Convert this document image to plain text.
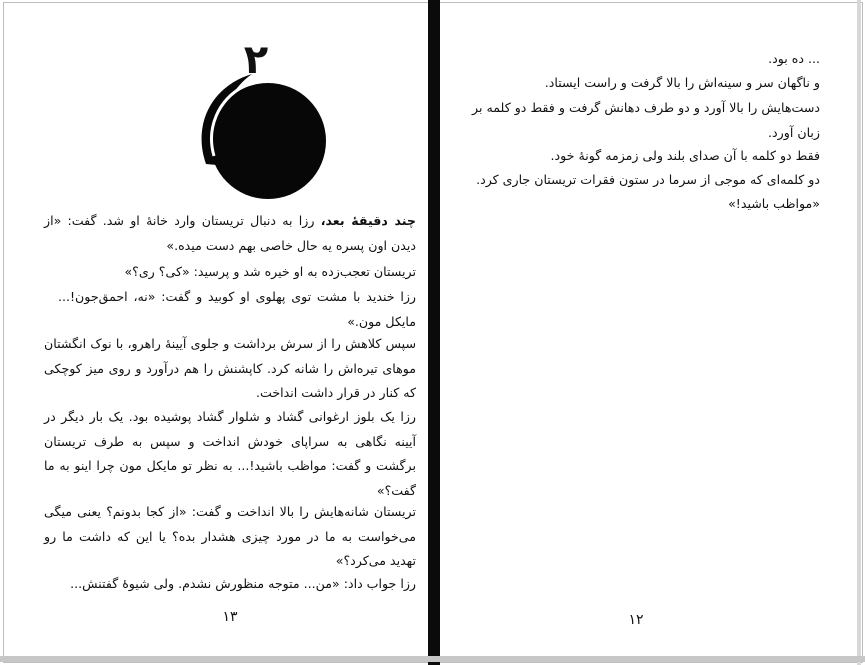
۲

چند دقیقهٔ بعد، رزا به دنبال تریستان وارد خانهٔ او شد. گفت: «از دیدن اون پسره یه حال خاصی بهم دست میده.»

تریستان تعجب‌زده به او خیره شد و پرسید: «کی؟ ری؟»

رزا خندید با مشت توی پهلوی او کوبید و گفت: «نه، احمق‌جون!... مایکل مون.»

سپس کلاهش را از سرش برداشت و جلوی آیینهٔ راهرو، با نوک انگشتان موهای تیره‌اش را شانه کرد. کاپشنش را هم درآورد و روی میز کوچکی که کنار در قرار داشت انداخت.

رزا یک بلوز ارغوانی گشاد و شلوار گشاد پوشیده بود. یک بار دیگر در آیینه نگاهی به سراپای خودش انداخت و سپس به طرف تریستان برگشت و گفت: مواظب باشید!... به نظر تو مایکل مون چرا اینو به ما گفت؟»

تریستان شانه‌هایش را بالا انداخت و گفت: «از کجا بدونم؟ یعنی میگی می‌خواست به ما در مورد چیزی هشدار بده؟ یا این که داشت ما رو تهدید می‌کرد؟»

رزا جواب داد: «من... متوجه منظورش نشدم. ولی شیوهٔ گفتنش...

۱۳

... ده بود.

و ناگهان سر و سینه‌اش را بالا گرفت و راست ایستاد.

دست‌هایش را بالا آورد و دو طرف دهانش گرفت و فقط دو کلمه بر زبان آورد.

فقط دو کلمه با آن صدای بلند ولی زمزمه گونهٔ خود.

دو کلمه‌ای که موجی از سرما در ستون فقرات تریستان جاری کرد.

«مواظب باشید!»

۱۲
